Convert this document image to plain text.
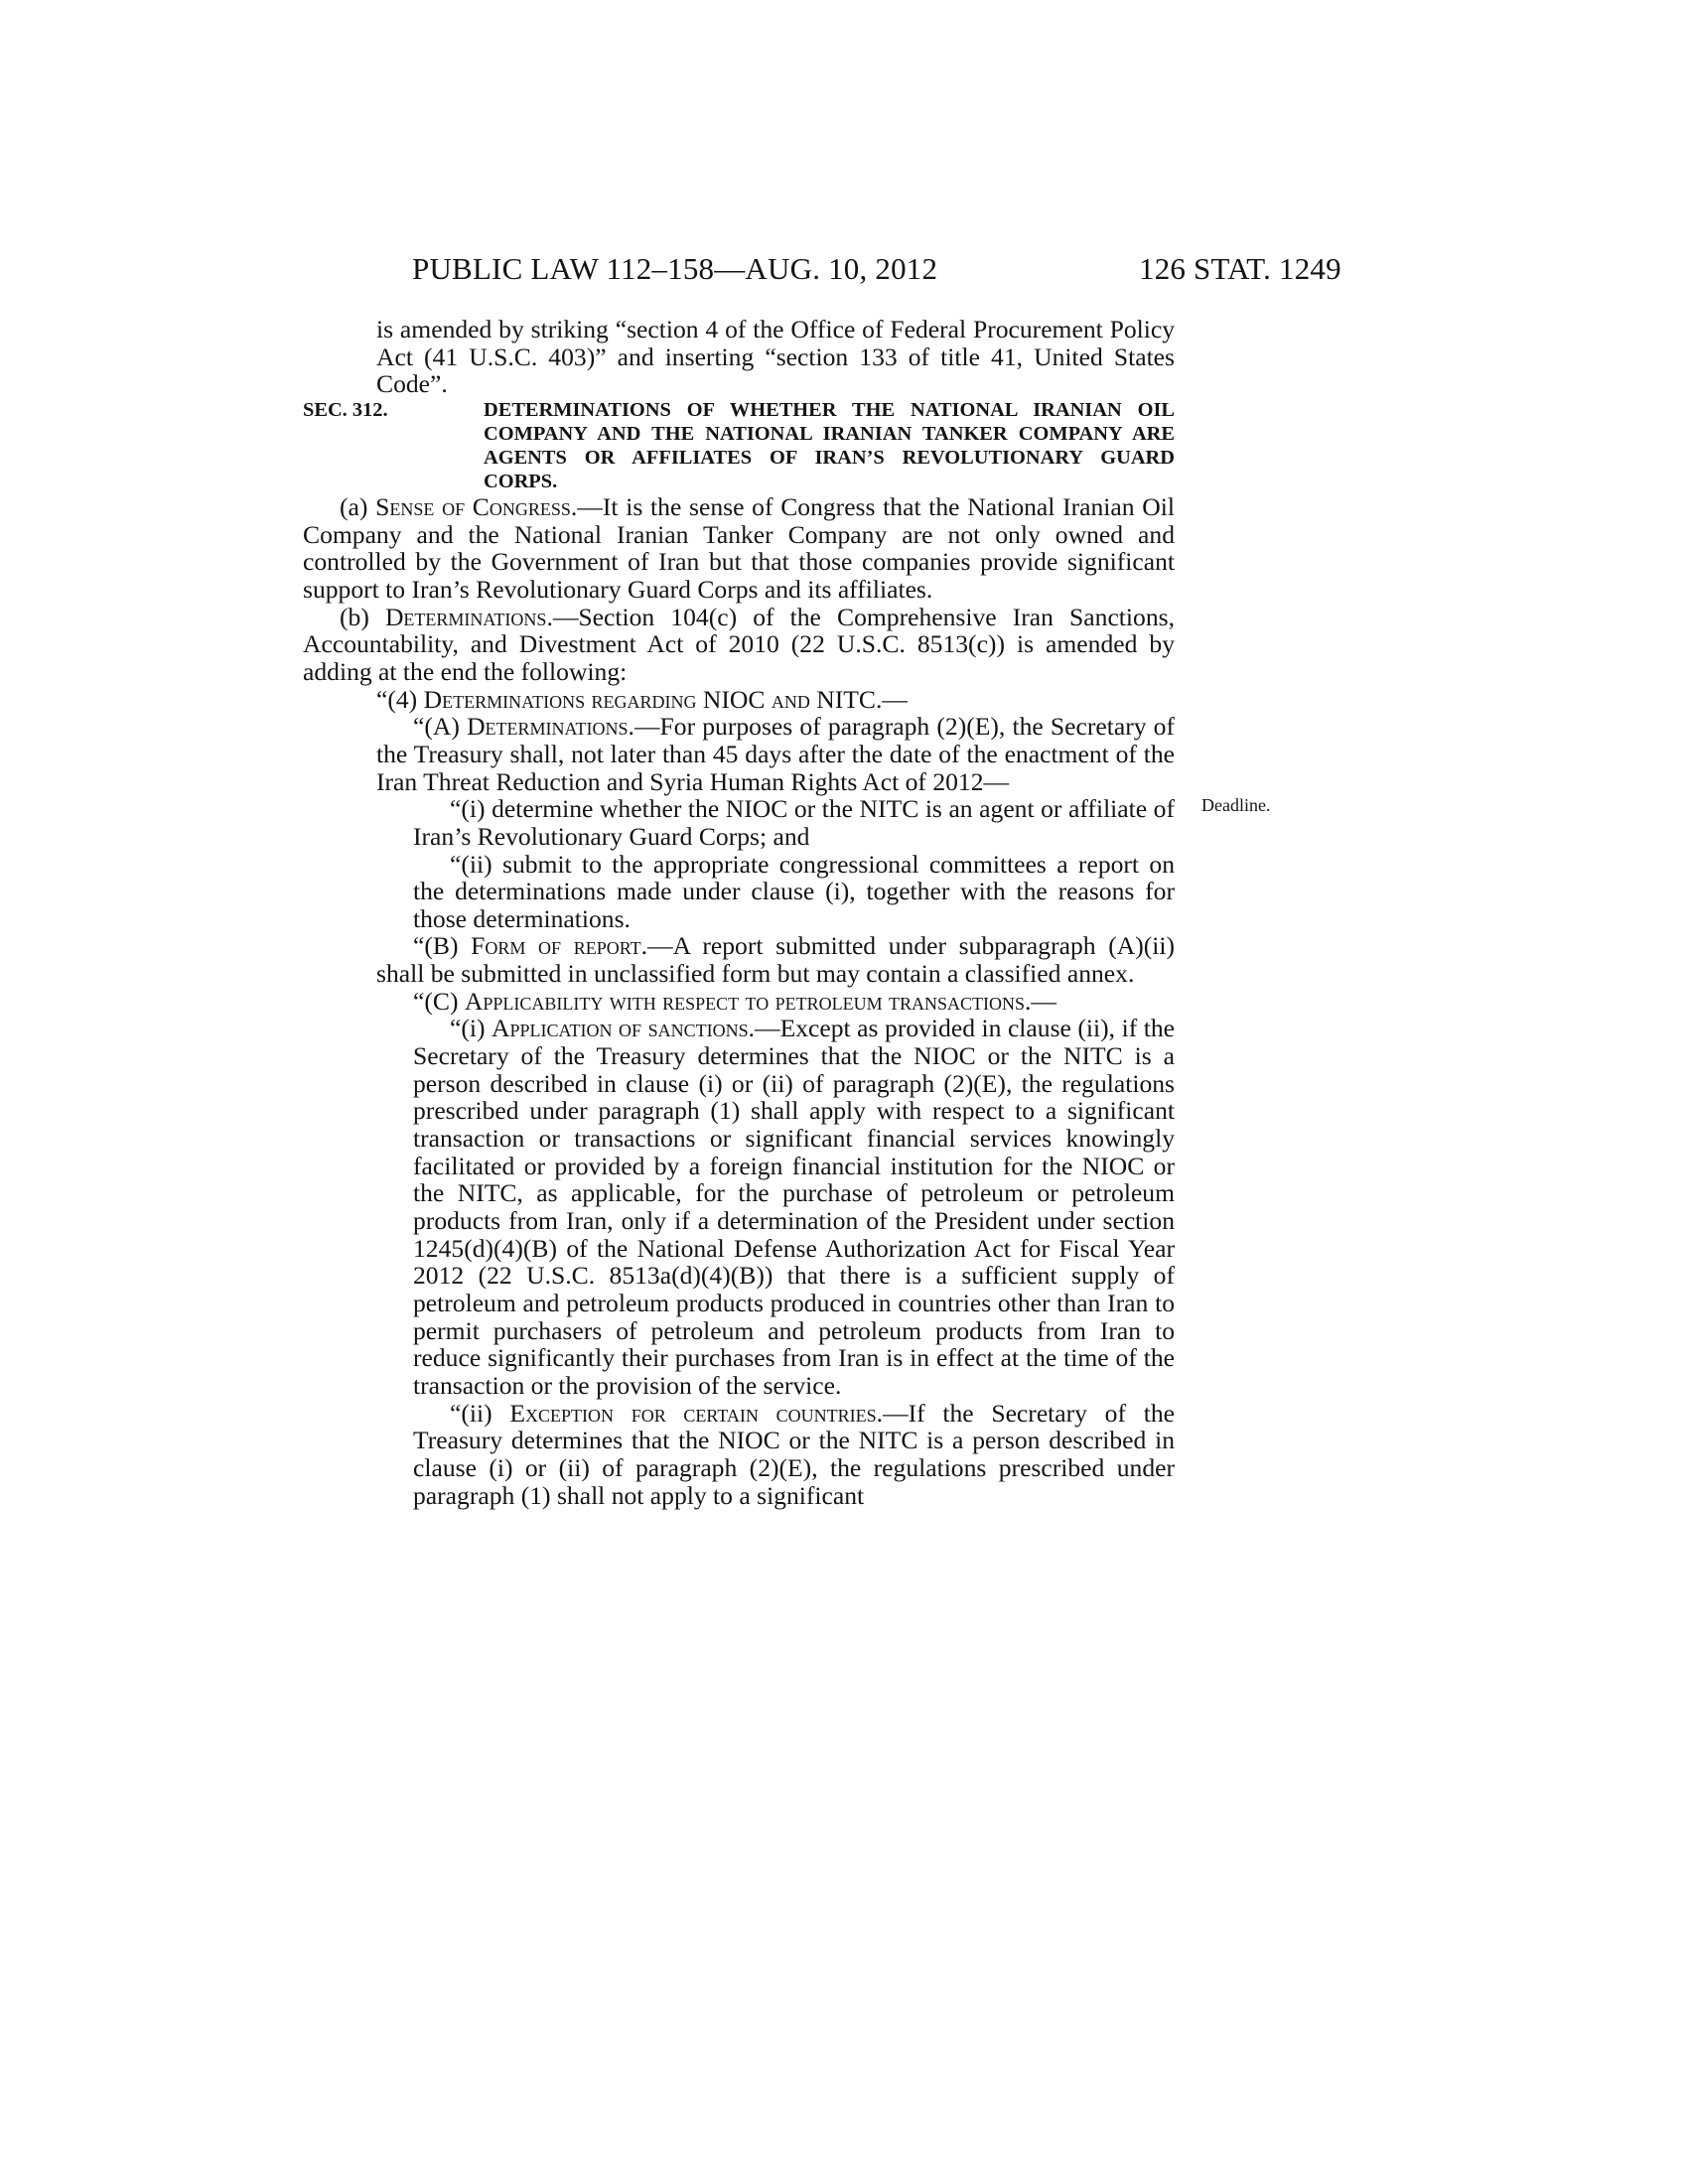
PUBLIC LAW 112–158—AUG. 10, 2012	126 STAT. 1249
Deadline.

is amended by striking “section 4 of the Office of Federal Procurement Policy Act (41 U.S.C. 403)” and inserting “section 133 of title 41, United States Code”.

SEC. 312.	DETERMINATIONS OF WHETHER THE NATIONAL IRANIAN OIL COMPANY AND THE NATIONAL IRANIAN TANKER COMPANY ARE AGENTS OR AFFILIATES OF IRAN’S REVOLUTIONARY GUARD CORPS.

(a) Sense of Congress.—It is the sense of Congress that the National Iranian Oil Company and the National Iranian Tanker Company are not only owned and controlled by the Government of Iran but that those companies provide significant support to Iran’s Revolutionary Guard Corps and its affiliates.

(b) Determinations.—Section 104(c) of the Comprehensive Iran Sanctions, Accountability, and Divestment Act of 2010 (22 U.S.C. 8513(c)) is amended by adding at the end the following:

“(4) Determinations regarding NIOC and NITC.—

“(A) Determinations.—For purposes of paragraph (2)(E), the Secretary of the Treasury shall, not later than 45 days after the date of the enactment of the Iran Threat Reduction and Syria Human Rights Act of 2012—

“(i) determine whether the NIOC or the NITC is an agent or affiliate of Iran’s Revolutionary Guard Corps; and

“(ii) submit to the appropriate congressional committees a report on the determinations made under clause (i), together with the reasons for those determinations.

“(B) Form of report.—A report submitted under subparagraph (A)(ii) shall be submitted in unclassified form but may contain a classified annex.

“(C) Applicability with respect to petroleum transactions.—

“(i) Application of sanctions.—Except as provided in clause (ii), if the Secretary of the Treasury determines that the NIOC or the NITC is a person described in clause (i) or (ii) of paragraph (2)(E), the regulations prescribed under paragraph (1) shall apply with respect to a significant transaction or transactions or significant financial services knowingly facilitated or provided by a foreign financial institution for the NIOC or the NITC, as applicable, for the purchase of petroleum or petroleum products from Iran, only if a determination of the President under section 1245(d)(4)(B) of the National Defense Authorization Act for Fiscal Year 2012 (22 U.S.C. 8513a(d)(4)(B)) that there is a sufficient supply of petroleum and petroleum products produced in countries other than Iran to permit purchasers of petroleum and petroleum products from Iran to reduce significantly their purchases from Iran is in effect at the time of the transaction or the provision of the service.

“(ii) Exception for certain countries.—If the Secretary of the Treasury determines that the NIOC or the NITC is a person described in clause (i) or (ii) of paragraph (2)(E), the regulations prescribed under paragraph (1) shall not apply to a significant
